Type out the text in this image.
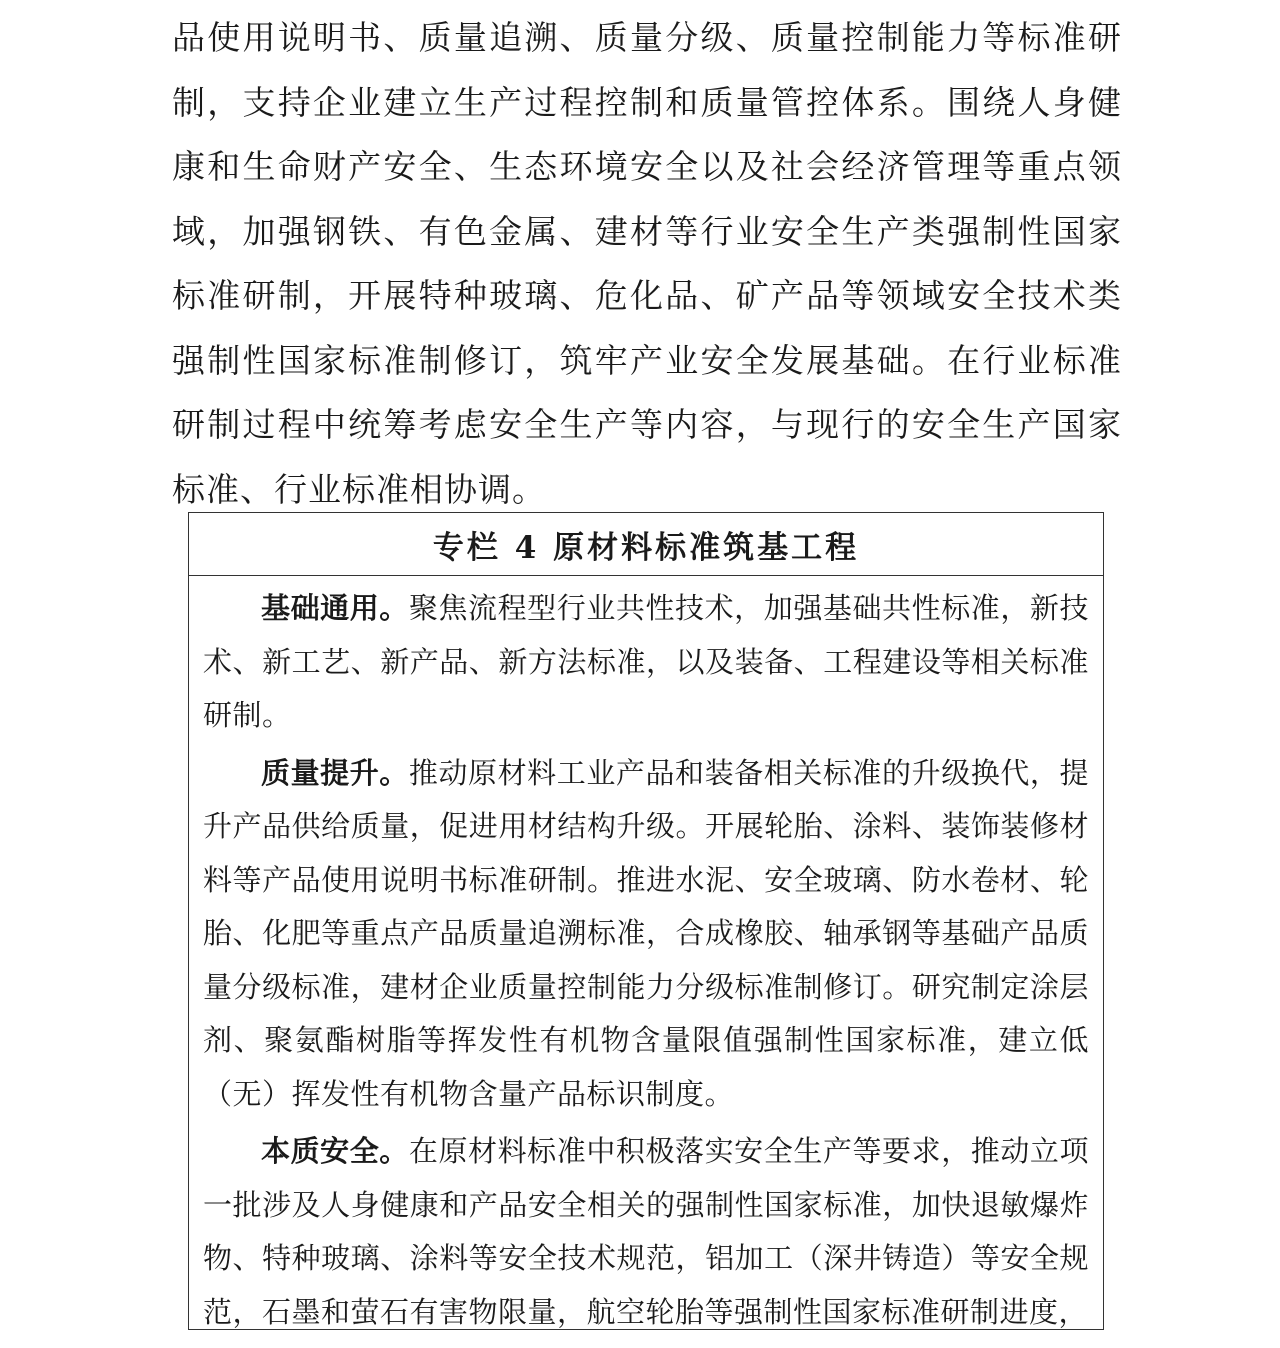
品使用说明书、质量追溯、质量分级、质量控制能力等标准研制，支持企业建立生产过程控制和质量管控体系。围绕人身健康和生命财产安全、生态环境安全以及社会经济管理等重点领域，加强钢铁、有色金属、建材等行业安全生产类强制性国家标准研制，开展特种玻璃、危化品、矿产品等领域安全技术类强制性国家标准制修订，筑牢产业安全发展基础。在行业标准研制过程中统筹考虑安全生产等内容，与现行的安全生产国家标准、行业标准相协调。

专栏 4 原材料标准筑基工程

基础通用。聚焦流程型行业共性技术，加强基础共性标准，新技术、新工艺、新产品、新方法标准，以及装备、工程建设等相关标准研制。

质量提升。推动原材料工业产品和装备相关标准的升级换代，提升产品供给质量，促进用材结构升级。开展轮胎、涂料、装饰装修材料等产品使用说明书标准研制。推进水泥、安全玻璃、防水卷材、轮胎、化肥等重点产品质量追溯标准，合成橡胶、轴承钢等基础产品质量分级标准，建材企业质量控制能力分级标准制修订。研究制定涂层剂、聚氨酯树脂等挥发性有机物含量限值强制性国家标准，建立低（无）挥发性有机物含量产品标识制度。

本质安全。在原材料标准中积极落实安全生产等要求，推动立项一批涉及人身健康和产品安全相关的强制性国家标准，加快退敏爆炸物、特种玻璃、涂料等安全技术规范，铝加工（深井铸造）等安全规范，石墨和萤石有害物限量，航空轮胎等强制性国家标准研制进度，
